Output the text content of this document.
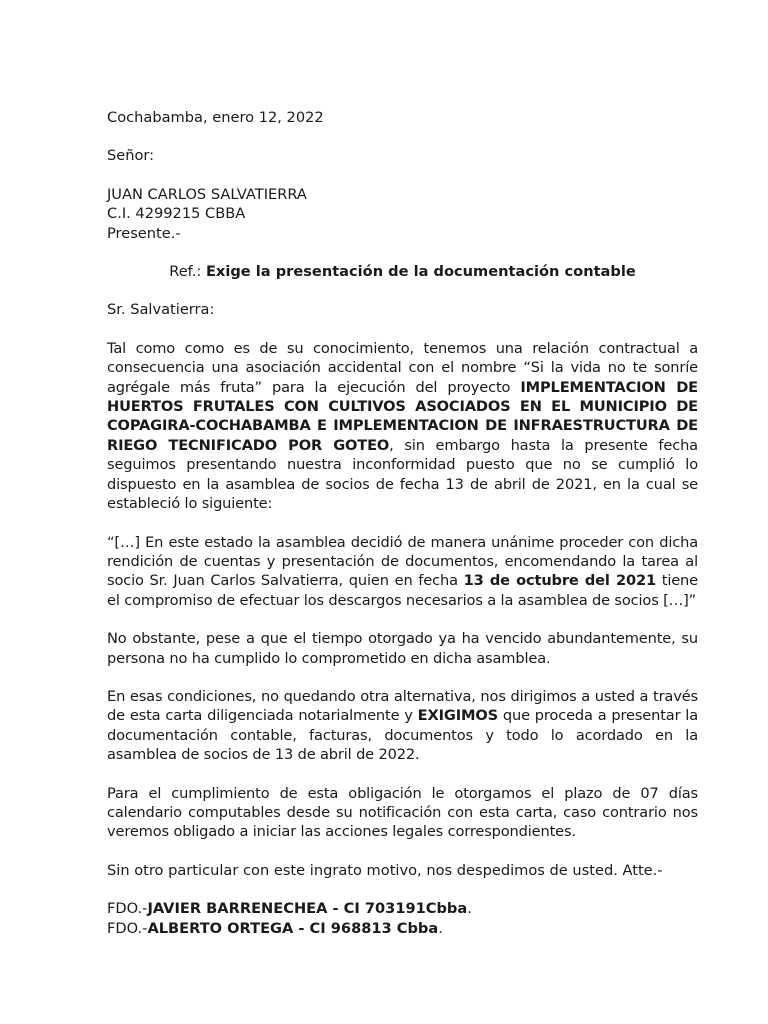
Cochabamba, enero 12, 2022

Señor:

JUAN CARLOS SALVATIERRA

C.I. 4299215 CBBA

Presente.-

Ref.: Exige la presentación de la documentación contable

Sr. Salvatierra:

Tal como como es de su conocimiento, tenemos una relación contractual a consecuencia una asociación accidental con el nombre “Si la vida no te sonríe agrégale más fruta” para la ejecución del proyecto IMPLEMENTACION DE HUERTOS FRUTALES CON CULTIVOS ASOCIADOS EN EL MUNICIPIO DE COPAGIRA-COCHABAMBA E IMPLEMENTACION DE INFRAESTRUCTURA DE RIEGO TECNIFICADO POR GOTEO, sin embargo hasta la presente fecha seguimos presentando nuestra inconformidad puesto que no se cumplió lo dispuesto en la asamblea de socios de fecha 13 de abril de 2021, en la cual se estableció lo siguiente:

“[…] En este estado la asamblea decidió de manera unánime proceder con dicha rendición de cuentas y presentación de documentos, encomendando la tarea al socio Sr. Juan Carlos Salvatierra, quien en fecha 13 de octubre del 2021 tiene el compromiso de efectuar los descargos necesarios a la asamblea de socios […]”

No obstante, pese a que el tiempo otorgado ya ha vencido abundantemente, su persona no ha cumplido lo comprometido en dicha asamblea.

En esas condiciones, no quedando otra alternativa, nos dirigimos a usted a través de esta carta diligenciada notarialmente y EXIGIMOS que proceda a presentar la documentación contable, facturas, documentos y todo lo acordado en la asamblea de socios de 13 de abril de 2022.

Para el cumplimiento de esta obligación le otorgamos el plazo de 07 días calendario computables desde su notificación con esta carta, caso contrario nos veremos obligado a iniciar las acciones legales correspondientes.

Sin otro particular con este ingrato motivo, nos despedimos de usted. Atte.-

FDO.-JAVIER BARRENECHEA - CI 703191Cbba.

FDO.-ALBERTO ORTEGA - CI 968813 Cbba.
